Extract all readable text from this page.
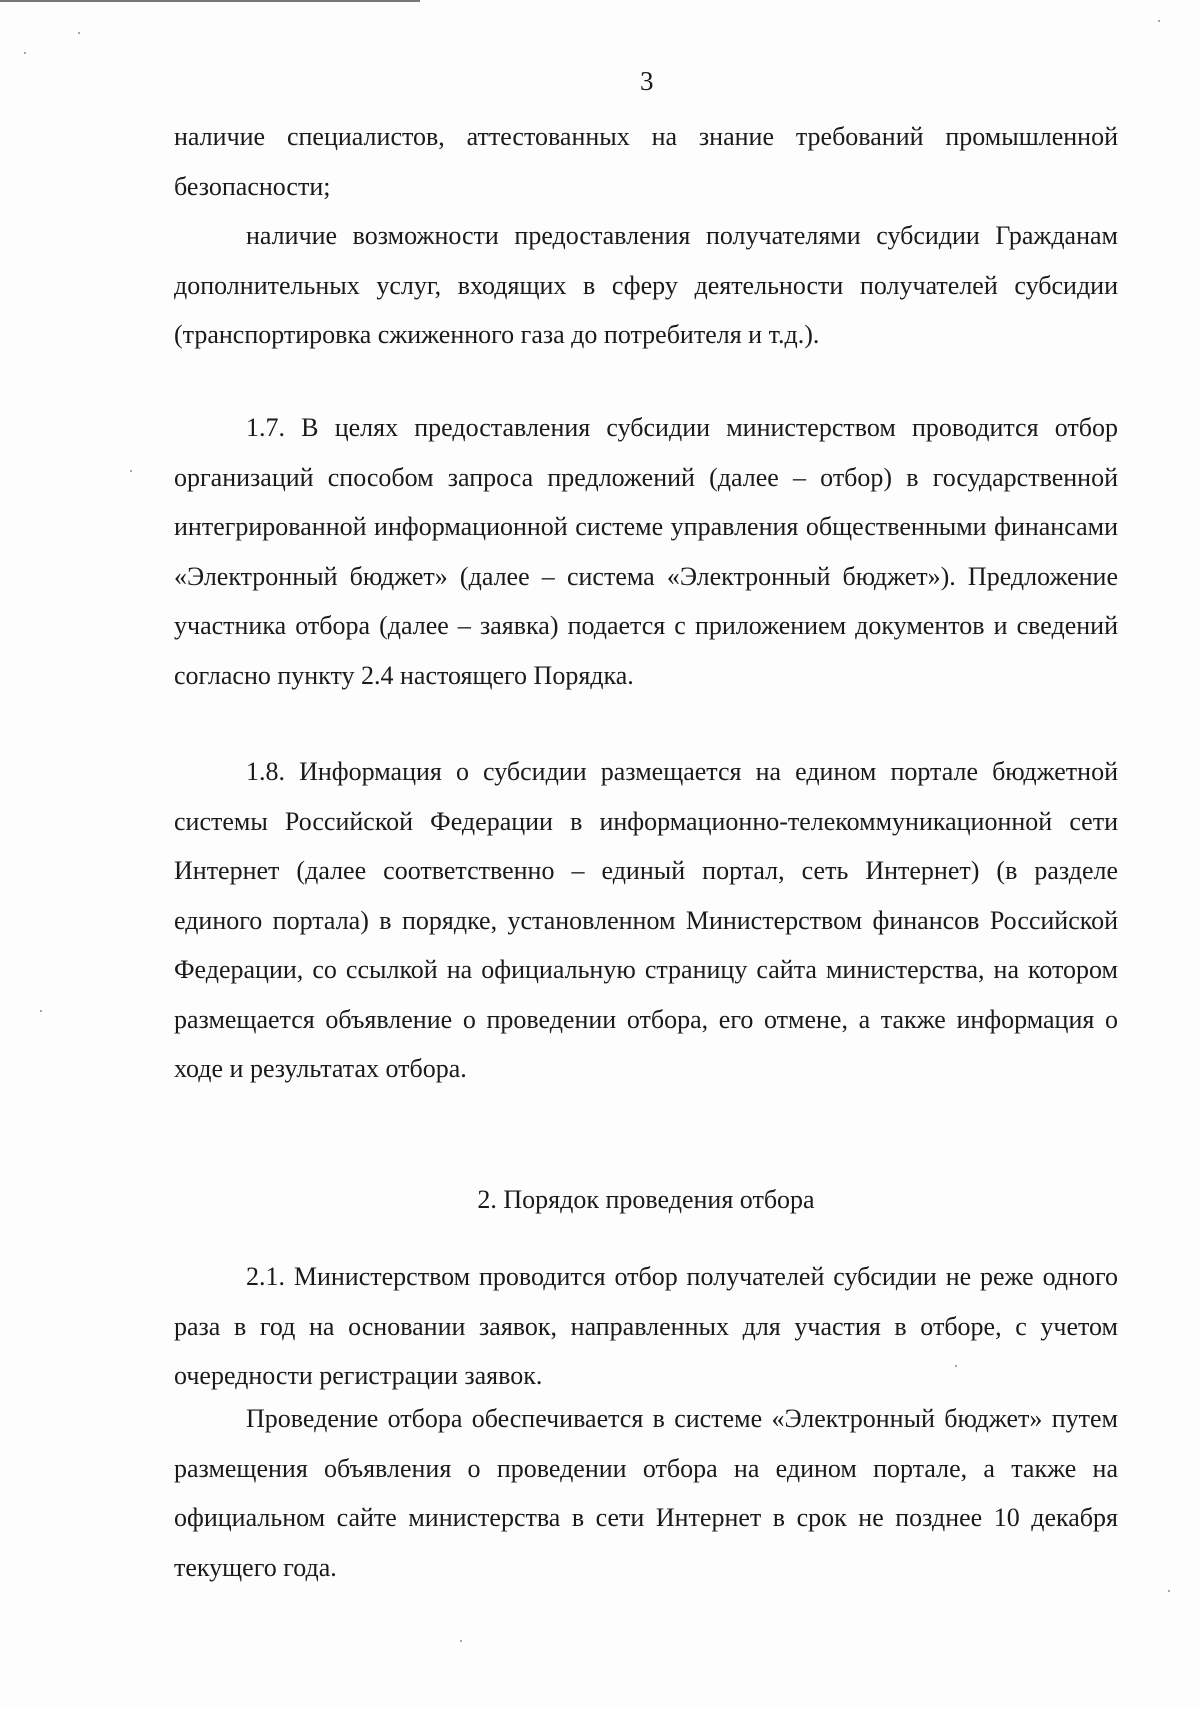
3

наличие специалистов, аттестованных на знание требований промышленной безопасности;

наличие возможности предоставления получателями субсидии Гражданам дополнительных услуг, входящих в сферу деятельности получателей субсидии (транспортировка сжиженного газа до потребителя и т.д.).

1.7. В целях предоставления субсидии министерством проводится отбор организаций способом запроса предложений (далее – отбор) в государственной интегрированной информационной системе управления общественными финансами «Электронный бюджет» (далее – система «Электронный бюджет»). Предложение участника отбора (далее – заявка) подается с приложением документов и сведений согласно пункту 2.4 настоящего Порядка.

1.8. Информация о субсидии размещается на едином портале бюджетной системы Российской Федерации в информационно-телекоммуникационной сети Интернет (далее соответственно – единый портал, сеть Интернет) (в разделе единого портала) в порядке, установленном Министерством финансов Российской Федерации, со ссылкой на официальную страницу сайта министерства, на котором размещается объявление о проведении отбора, его отмене, а также информация о ходе и результатах отбора.

2. Порядок проведения отбора

2.1. Министерством проводится отбор получателей субсидии не реже одного раза в год на основании заявок, направленных для участия в отборе, с учетом очередности регистрации заявок.

Проведение отбора обеспечивается в системе «Электронный бюджет» путем размещения объявления о проведении отбора на едином портале, а также на официальном сайте министерства в сети Интернет в срок не позднее 10 декабря текущего года.
